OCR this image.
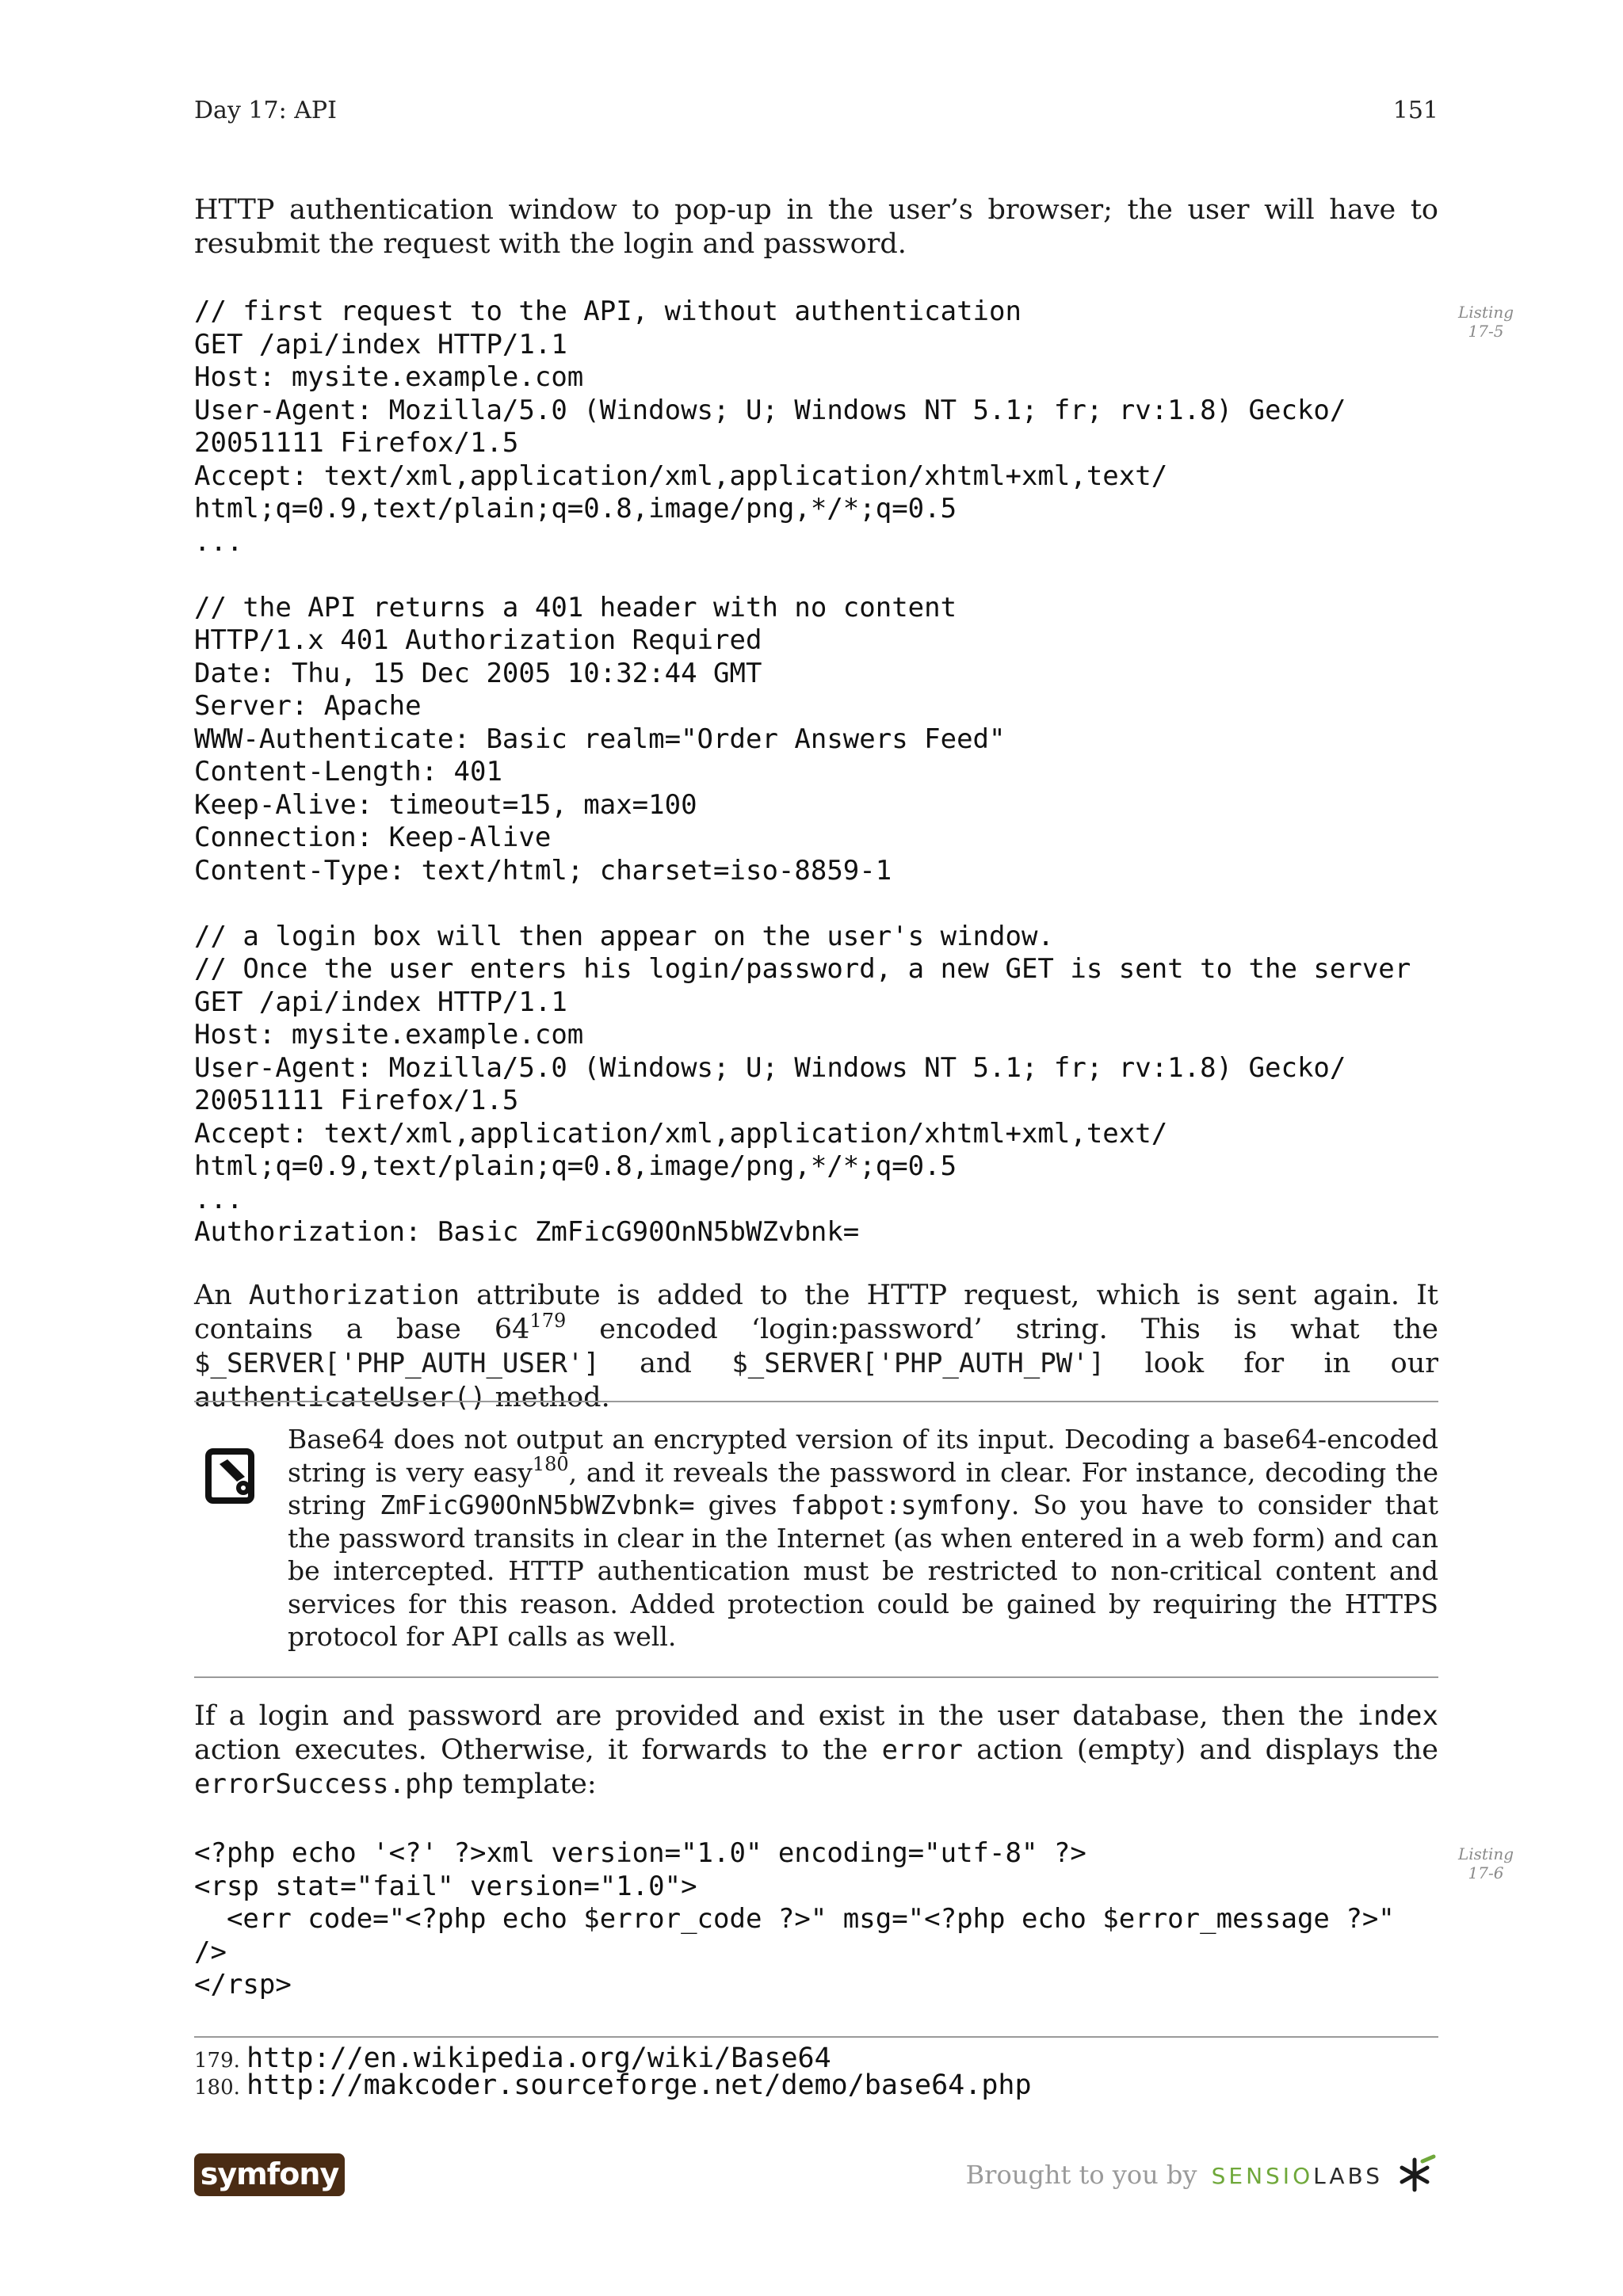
Day 17: API	151

HTTP authentication window to pop-up in the user’s browser; the user will have to resubmit the request with the login and password.

// first request to the API, without authentication
GET /api/index HTTP/1.1
Host: mysite.example.com
User-Agent: Mozilla/5.0 (Windows; U; Windows NT 5.1; fr; rv:1.8) Gecko/
20051111 Firefox/1.5
Accept: text/xml,application/xml,application/xhtml+xml,text/
html;q=0.9,text/plain;q=0.8,image/png,*/*;q=0.5
...

// the API returns a 401 header with no content
HTTP/1.x 401 Authorization Required
Date: Thu, 15 Dec 2005 10:32:44 GMT
Server: Apache
WWW-Authenticate: Basic realm="Order Answers Feed"
Content-Length: 401
Keep-Alive: timeout=15, max=100
Connection: Keep-Alive
Content-Type: text/html; charset=iso-8859-1

// a login box will then appear on the user's window.
// Once the user enters his login/password, a new GET is sent to the server
GET /api/index HTTP/1.1
Host: mysite.example.com
User-Agent: Mozilla/5.0 (Windows; U; Windows NT 5.1; fr; rv:1.8) Gecko/
20051111 Firefox/1.5
Accept: text/xml,application/xml,application/xhtml+xml,text/
html;q=0.9,text/plain;q=0.8,image/png,*/*;q=0.5
...
Authorization: Basic ZmFicG90OnN5bWZvbnk=
Listing
17-5

An Authorization attribute is added to the HTTP request, which is sent again. It contains a base $64^{179}$ encoded ‘login:password’ string. This is what the $_SERVER['PHP_AUTH_USER'] and $_SERVER['PHP_AUTH_PW'] look for in our authenticateUser() method.

Base64 does not output an encrypted version of its input. Decoding a base64-encoded string is very easy$^{180}$, and it reveals the password in clear. For instance, decoding the string ZmFicG90OnN5bWZvbnk= gives fabpot:symfony. So you have to consider that the password transits in clear in the Internet (as when entered in a web form) and can be intercepted. HTTP authentication must be restricted to non-critical content and services for this reason. Added protection could be gained by requiring the HTTPS protocol for API calls as well.

If a login and password are provided and exist in the user database, then the index action executes. Otherwise, it forwards to the error action (empty) and displays the errorSuccess.php template:

<?php echo '<?' ?>xml version="1.0" encoding="utf-8" ?>
<rsp stat="fail" version="1.0">
<err code="<?php echo $error_code ?>" msg="<?php echo $error_message ?>"
/>
</rsp>
Listing
17-6
179. http://en.wikipedia.org/wiki/Base64
180. http://makcoder.sourceforge.net/demo/base64.php
symfony	Brought to you by SENSIOLABS
